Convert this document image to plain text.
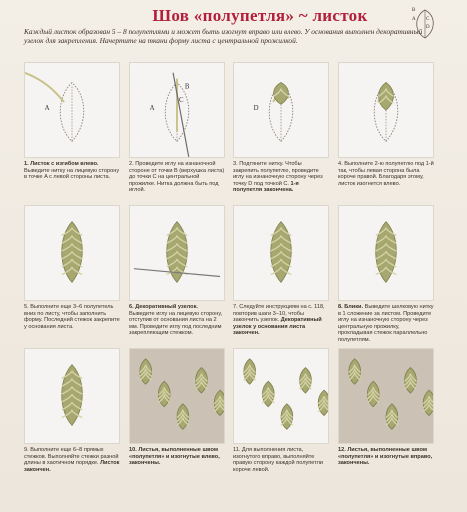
Шов «полупетля» ~ листок	B
A C
D
Каждый листок образован 5 – 8 полупетлями и может быть изогнут вправо или влево. У основания выполнен декоративный узелок для закрепления. Начертите на ткани форму листа с центральной прожилкой.
A
1. Листок с изгибом влево. Выведите нитку на лицевую сторону в точке A с левой стороны листа.
A
B
C
2. Проведите иглу на изнаночной стороне от точки B (верхушка листа) до точки C на центральной прожилке. Нитка должна быть под иглой.
D
3. Подтяните нитку. Чтобы закрепить полупетлю, проведите иглу на изнаночную сторону через точку D под точкой C. 1-я полупетля закончена.
4. Выполните 2-ю полупетлю под 1-й так, чтобы левая сторона была короче правой. Благодаря этому, листок изогнется влево.
5. Выполните еще 3–6 полупетель вниз по листу, чтобы заполнить форму. Последний стежок закрепите у основания листа.
6. Декоративный узелок. Выведите иглу на лицевую сторону, отступив от основания листа на 2 мм. Проведите иглу под последним закрепляющим стежком.
7. Следуйте инструкциям на с. 118, повторив шаги 3–10, чтобы закончить узелок. Декоративный узелок у основания листа закончен.
8. Блики. Выведите шелковую нитку в 1 сложение за листом. Проведите иглу на изнаночную сторону через центральную прожилку, прокладывая стежок параллельно полупетлям.
9. Выполните еще 6–8 прямых стежков. Выполняйте стежки разной длины в хаотичном порядке. Листок закончен.
10. Листья, выполненные швом «полупетля» и изогнутые влево, закончены.
11. Для выполнения листа, изогнутого вправо, выполняйте правую сторону каждой полупетли короче левой.
12. Листья, выполненные швом «полупетля» и изогнутые вправо, закончены.
